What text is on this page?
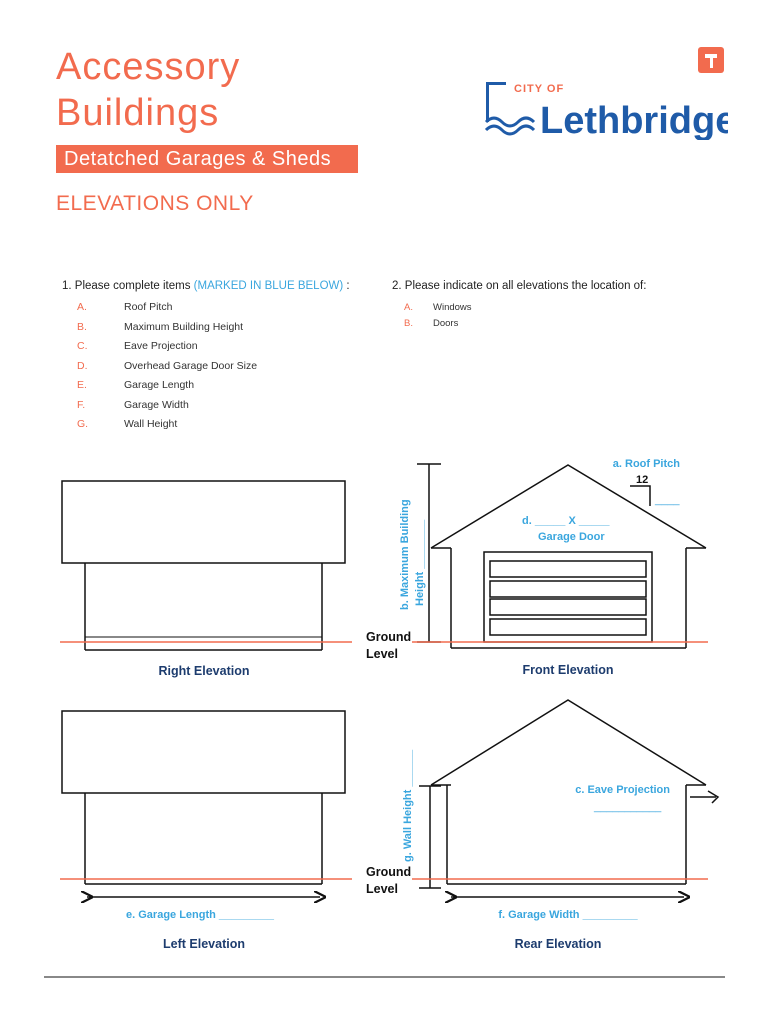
Accessory
Buildings
Detatched Garages & Sheds
ELEVATIONS ONLY
CITY OF
Lethbridge
1. Please complete items (MARKED IN BLUE BELOW) :
A.	Roof Pitch
B.	Maximum Building Height
C.	Eave Projection
D.	Overhead Garage Door Size
E.	Garage Length
F.	Garage Width
G.	Wall Height
2. Please indicate on all elevations the location of:
A. Windows
B. Doors
Right Elevation	Front Elevation
Ground
Level
a. Roof Pitch
12
____
d. _____ X _____
Garage Door
b. Maximum Building Height ________
e. Garage Length _________
Left Elevation
Ground
Level
c. Eave Projection
___________
g. Wall Height ______
f. Garage Width _________
Rear Elevation
